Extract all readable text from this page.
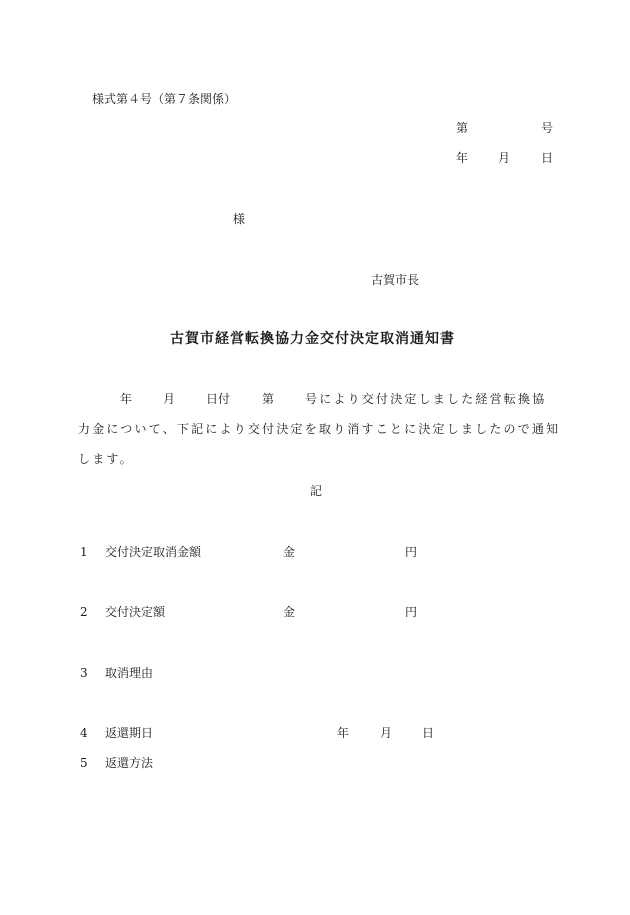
様式第４号（第７条関係）
第	号
年 月	日
様
古賀市長
古賀市経営転換協力金交付決定取消通知書
年	月	日付	第	号により交付決定しました経営転換協
力金について、下記により交付決定を取り消すことに決定しましたので通知
します。
記
1 交付決定取消金額	金	円
2 交付決定額	金	円
3 取消理由
4 返還期日	年	月 日
5 返還方法
